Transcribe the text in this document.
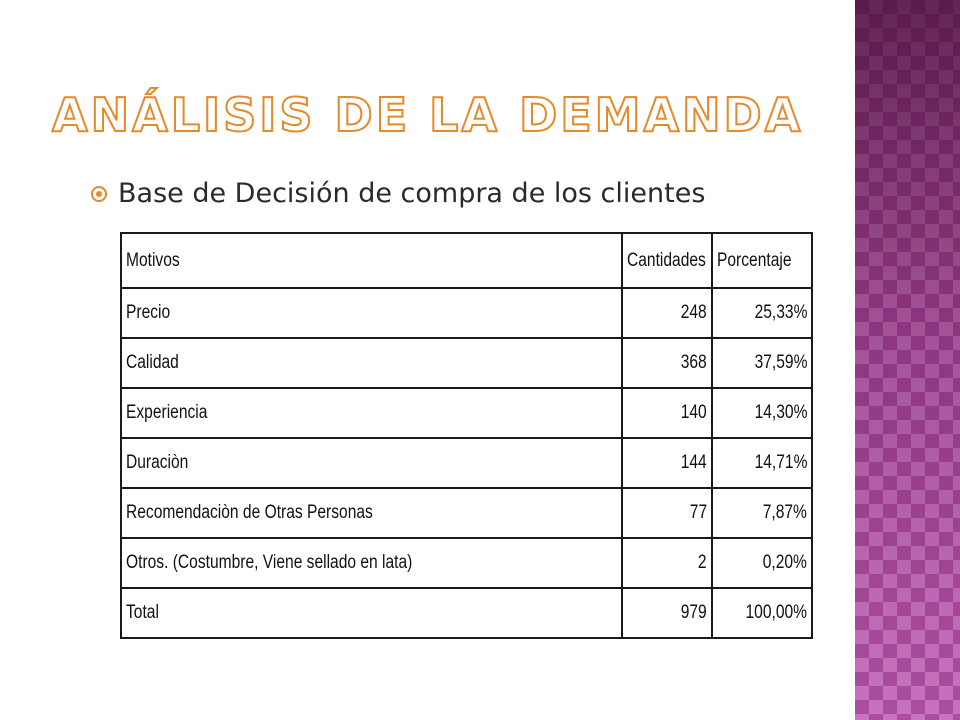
ANÁLISIS DE LA DEMANDA
Base de Decisión de compra de los clientes
Motivos	Cantidades	Porcentaje
Precio	248	25,33%
Calidad	368	37,59%
Experiencia	140	14,30%
Duraciòn	144	14,71%
Recomendaciòn de Otras Personas	77	7,87%
Otros. (Costumbre, Viene sellado en lata)	2	0,20%
Total	979	100,00%
